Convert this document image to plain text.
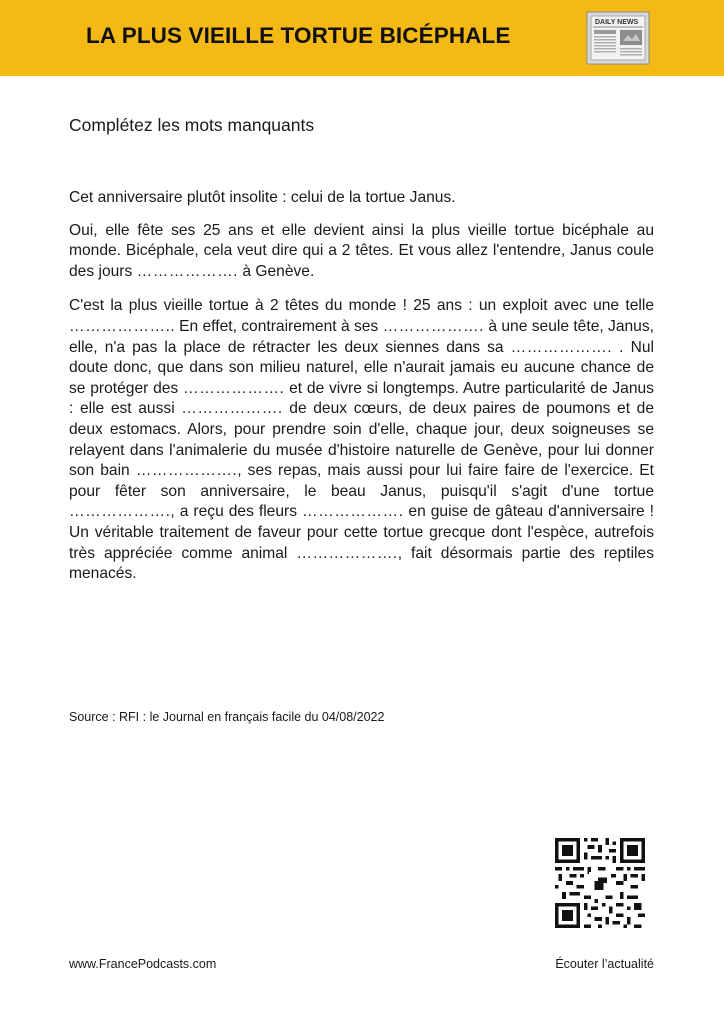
LA PLUS VIEILLE TORTUE BICÉPHALE
DAILY NEWS
Complétez les mots manquants

Cet anniversaire plutôt insolite : celui de la tortue Janus.

Oui, elle fête ses 25 ans et elle devient ainsi la plus vieille tortue bicéphale au monde. Bicéphale, cela veut dire qui a 2 têtes. Et vous allez l'entendre, Janus coule des jours ………………. à Genève.

C'est la plus vieille tortue à 2 têtes du monde ! 25 ans : un exploit avec une telle ……………….. En effet, contrairement à ses ………………. à une seule tête, Janus, elle, n'a pas la place de rétracter les deux siennes dans sa ………………. . Nul doute donc, que dans son milieu naturel, elle n'aurait jamais eu aucune chance de se protéger des ………………. et de vivre si longtemps. Autre particularité de Janus : elle est aussi ………………. de deux cœurs, de deux paires de poumons et de deux estomacs. Alors, pour prendre soin d'elle, chaque jour, deux soigneuses se relayent dans l'animalerie du musée d'histoire naturelle de Genève, pour lui donner son bain ………………., ses repas, mais aussi pour lui faire faire de l'exercice. Et pour fêter son anniversaire, le beau Janus, puisqu'il s'agit d'une tortue ………………., a reçu des fleurs ………………. en guise de gâteau d'anniversaire ! Un véritable traitement de faveur pour cette tortue grecque dont l'espèce, autrefois très appréciée comme animal ………………., fait désormais partie des reptiles menacés.

Source : RFI : le Journal en français facile du 04/08/2022
www.FrancePodcasts.com	Écouter l’actualité
